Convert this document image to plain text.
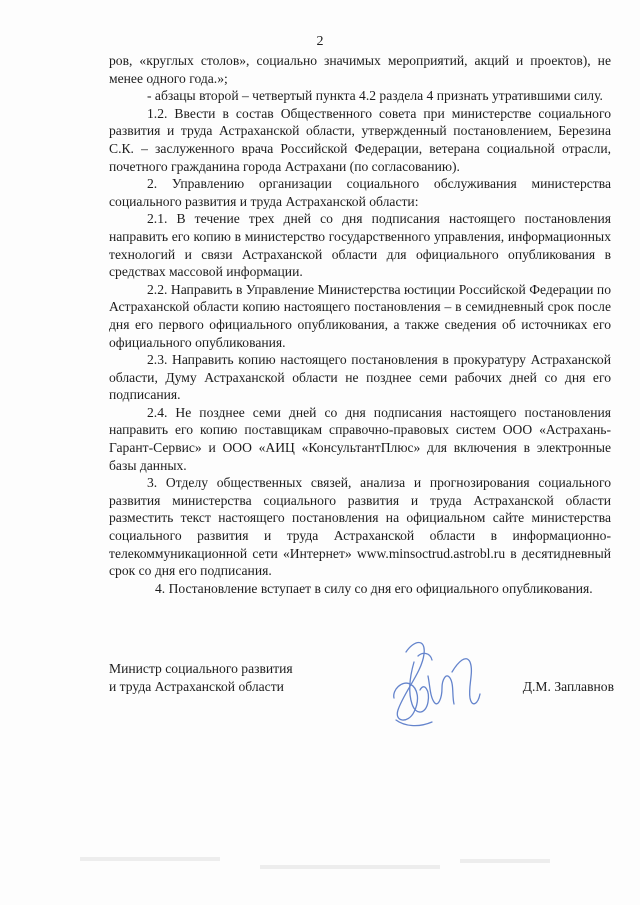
2

ров, «круглых столов», социально значимых мероприятий, акций и проектов), не менее одного года.»;

- абзацы второй – четвертый пункта 4.2 раздела 4 признать утратившими силу.

1.2. Ввести в состав Общественного совета при министерстве социального развития и труда Астраханской области, утвержденный постановлением, Березина С.К. – заслуженного врача Российской Федерации, ветерана социальной отрасли, почетного гражданина города Астрахани (по согласованию).

2. Управлению организации социального обслуживания министерства социального развития и труда Астраханской области:

2.1. В течение трех дней со дня подписания настоящего постановления направить его копию в министерство государственного управления, информационных технологий и связи Астраханской области для официального опубликования в средствах массовой информации.

2.2. Направить в Управление Министерства юстиции Российской Федерации по Астраханской области копию настоящего постановления – в семидневный срок после дня его первого официального опубликования, а также сведения об источниках его официального опубликования.

2.3. Направить копию настоящего постановления в прокуратуру Астраханской области, Думу Астраханской области не позднее семи рабочих дней со дня его подписания.

2.4. Не позднее семи дней со дня подписания настоящего постановления направить его копию поставщикам справочно-правовых систем ООО «Астрахань-Гарант-Сервис» и ООО «АИЦ «КонсультантПлюс» для включения в электронные базы данных.

3. Отделу общественных связей, анализа и прогнозирования социального развития министерства социального развития и труда Астраханской области разместить текст настоящего постановления на официальном сайте министерства социального развития и труда Астраханской области в информационно-телекоммуникационной сети «Интернет» www.minsoctrud.astrobl.ru в десятидневный срок со дня его подписания.

4. Постановление вступает в силу со дня его официального опубликования.

Министр социального развития
и труда Астраханской области	Д.М. Заплавнов
